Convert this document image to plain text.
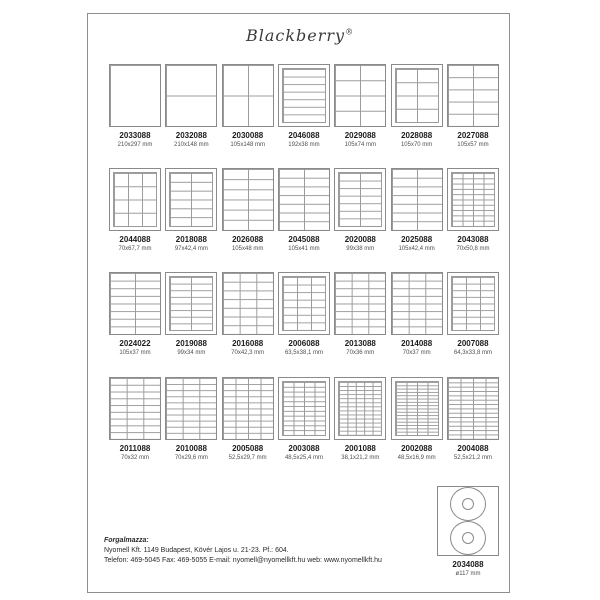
Blackberry®
2033088
210x297 mm
2032088
210x148 mm
2030088
105x148 mm
2046088
192x38 mm
2029088
105x74 mm
2028088
105x70 mm
2027088
105x57 mm
2044088
70x67,7 mm
2018088
97x42,4 mm
2026088
105x48 mm
2045088
105x41 mm
2020088
99x38 mm
2025088
105x42,4 mm
2043088
70x50,8 mm
2024022
105x37 mm
2019088
99x34 mm
2016088
70x42,3 mm
2006088
63,5x38,1 mm
2013088
70x36 mm
2014088
70x37 mm
2007088
64,3x33,8 mm
2011088
70x32 mm
2010088
70x29,6 mm
2005088
52,5x29,7 mm
2003088
48,5x25,4 mm
2001088
38,1x21,2 mm
2002088
48,5x16,9 mm
2004088
52,5x21,2 mm
2034088
ø117 mm
Forgalmazza:
Nyomell Kft. 1149 Budapest, Kövér Lajos u. 21-23. Pf.: 604.
Telefon: 469-5045 Fax: 469-5055 E-mail: nyomell@nyomellkft.hu web: www.nyomellkft.hu
